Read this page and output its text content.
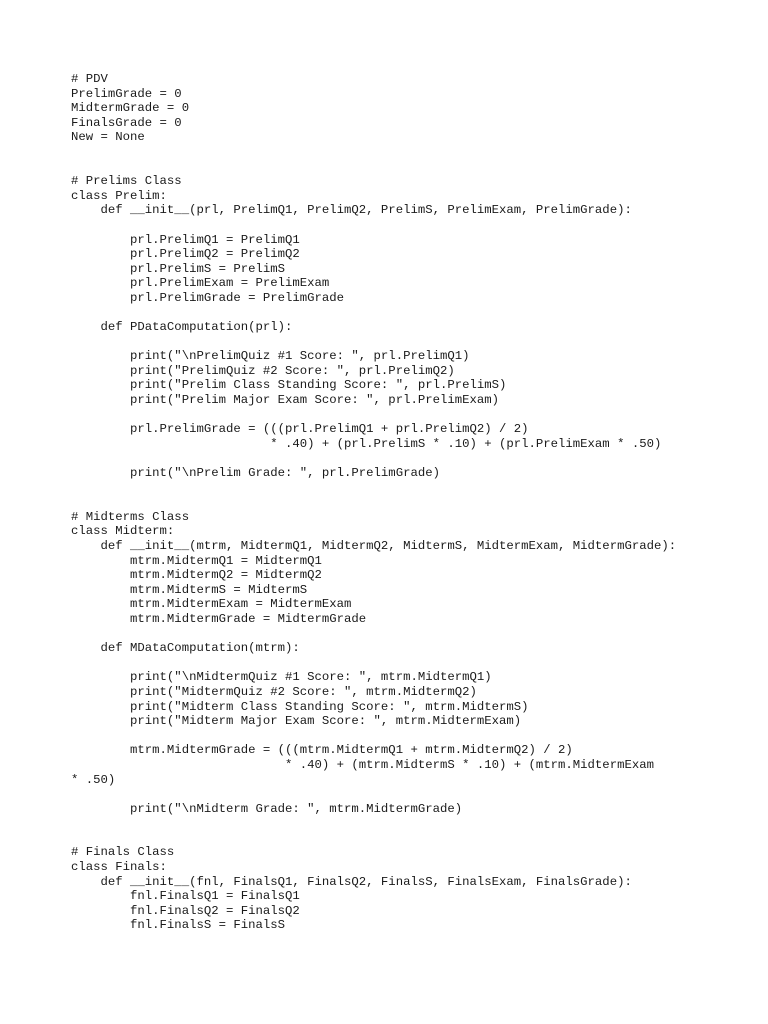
# PDV
PrelimGrade = 0
MidtermGrade = 0
FinalsGrade = 0
New = None
# Prelims Class
class Prelim:
def __init__(prl, PrelimQ1, PrelimQ2, PrelimS, PrelimExam, PrelimGrade):
prl.PrelimQ1 = PrelimQ1
prl.PrelimQ2 = PrelimQ2
prl.PrelimS = PrelimS
prl.PrelimExam = PrelimExam
prl.PrelimGrade = PrelimGrade
def PDataComputation(prl):
print("\nPrelimQuiz #1 Score: ", prl.PrelimQ1)
print("PrelimQuiz #2 Score: ", prl.PrelimQ2)
print("Prelim Class Standing Score: ", prl.PrelimS)
print("Prelim Major Exam Score: ", prl.PrelimExam)
prl.PrelimGrade = (((prl.PrelimQ1 + prl.PrelimQ2) / 2)
* .40) + (prl.PrelimS * .10) + (prl.PrelimExam * .50)
print("\nPrelim Grade: ", prl.PrelimGrade)
# Midterms Class
class Midterm:
def __init__(mtrm, MidtermQ1, MidtermQ2, MidtermS, MidtermExam, MidtermGrade):
mtrm.MidtermQ1 = MidtermQ1
mtrm.MidtermQ2 = MidtermQ2
mtrm.MidtermS = MidtermS
mtrm.MidtermExam = MidtermExam
mtrm.MidtermGrade = MidtermGrade
def MDataComputation(mtrm):
print("\nMidtermQuiz #1 Score: ", mtrm.MidtermQ1)
print("MidtermQuiz #2 Score: ", mtrm.MidtermQ2)
print("Midterm Class Standing Score: ", mtrm.MidtermS)
print("Midterm Major Exam Score: ", mtrm.MidtermExam)
mtrm.MidtermGrade = (((mtrm.MidtermQ1 + mtrm.MidtermQ2) / 2)
* .40) + (mtrm.MidtermS * .10) + (mtrm.MidtermExam
* .50)
print("\nMidterm Grade: ", mtrm.MidtermGrade)
# Finals Class
class Finals:
def __init__(fnl, FinalsQ1, FinalsQ2, FinalsS, FinalsExam, FinalsGrade):
fnl.FinalsQ1 = FinalsQ1
fnl.FinalsQ2 = FinalsQ2
fnl.FinalsS = FinalsS
